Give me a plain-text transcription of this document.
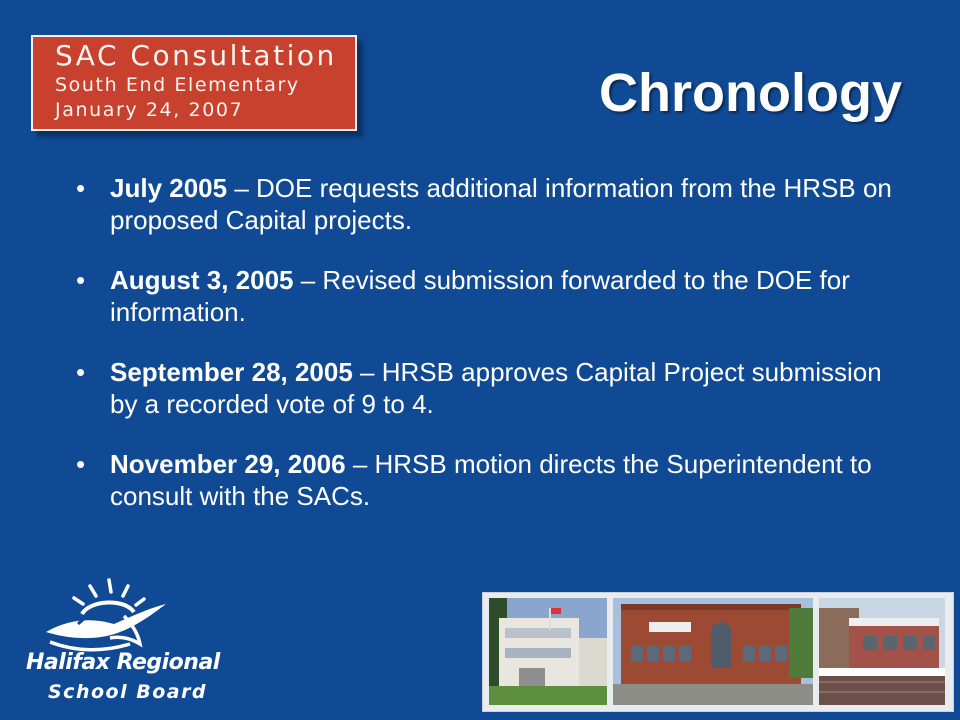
SAC Consultation
South End Elementary
January 24, 2007	Chronology
• July 2005 – DOE requests additional information from the HRSB on proposed Capital projects.
• August 3, 2005 – Revised submission forwarded to the DOE for information.
• September 28, 2005 – HRSB approves Capital Project submission by a recorded vote of 9 to 4.
• November 29, 2006 – HRSB motion directs the Superintendent to consult with the SACs.
Halifax Regional
School Board
